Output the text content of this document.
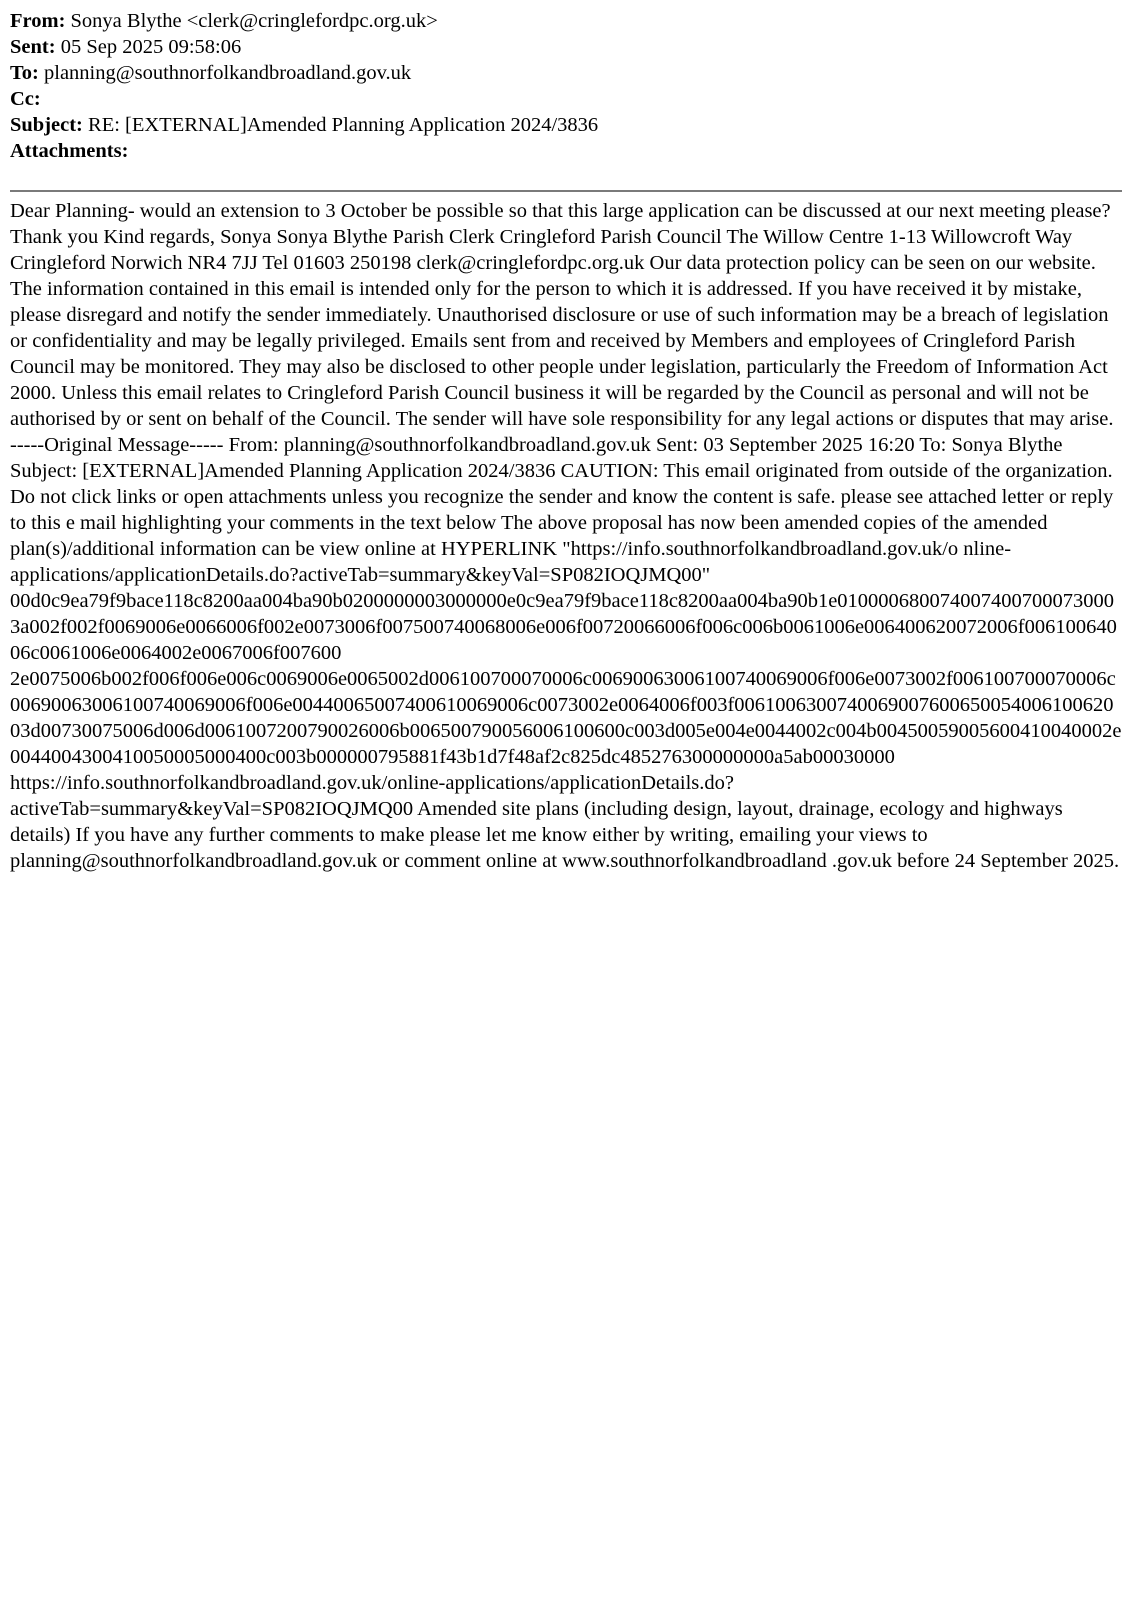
From: Sonya Blythe <clerk@cringlefordpc.org.uk>
Sent: 05 Sep 2025 09:58:06
To: planning@southnorfolkandbroadland.gov.uk
Cc:
Subject: RE: [EXTERNAL]Amended Planning Application 2024/3836
Attachments:
Dear Planning- would an extension to 3 October be possible so that this large application can be discussed at our next meeting please? Thank you Kind regards, Sonya Sonya Blythe Parish Clerk Cringleford Parish Council The Willow Centre 1-13 Willowcroft Way Cringleford Norwich NR4 7JJ Tel 01603 250198 clerk@cringlefordpc.org.uk Our data protection policy can be seen on our website. The information contained in this email is intended only for the person to which it is addressed. If you have received it by mistake, please disregard and notify the sender immediately. Unauthorised disclosure or use of such information may be a breach of legislation or confidentiality and may be legally privileged. Emails sent from and received by Members and employees of Cringleford Parish Council may be monitored. They may also be disclosed to other people under legislation, particularly the Freedom of Information Act 2000. Unless this email relates to Cringleford Parish Council business it will be regarded by the Council as personal and will not be authorised by or sent on behalf of the Council. The sender will have sole responsibility for any legal actions or disputes that may arise. -----Original Message----- From: planning@southnorfolkandbroadland.gov.uk Sent: 03 September 2025 16:20 To: Sonya Blythe Subject: [EXTERNAL]Amended Planning Application 2024/3836 CAUTION: This email originated from outside of the organization. Do not click links or open attachments unless you recognize the sender and know the content is safe. please see attached letter or reply to this e mail highlighting your comments in the text below The above proposal has now been amended copies of the amended plan(s)/additional information can be view online at HYPERLINK "https://info.southnorfolkandbroadland.gov.uk/o nline-applications/applicationDetails.do?activeTab=summary&keyVal=SP082IOQJMQ00"
00d0c9ea79f9bace118c8200aa004ba90b0200000003000000e0c9ea79f9bace118c8200aa004ba90b1e0100006800740074007000730003a002f002f0069006e0066006f002e0073006f007500740068006e006f00720066006f006c006b0061006e006400620072006f00610064006c0061006e0064002e0067006f007600
2e0075006b002f006f006e006c0069006e0065002d006100700070006c00690063006100740069006f006e0073002f006100700070006c00690063006100740069006f006e00440065007400610069006c0073002e0064006f003f006100630074006900760065005400610062003d00730075006d006d0061007200790026006b006500790056006100600c003d005e004e0044002c004b00450059005600410040002e0044004300410050005000400c003b000000795881f43b1d7f48af2c825dc485276300000000a5ab00030000
https://info.southnorfolkandbroadland.gov.uk/online-applications/applicationDetails.do?activeTab=summary&keyVal=SP082IOQJMQ00 Amended site plans (including design, layout, drainage, ecology and highways details) If you have any further comments to make please let me know either by writing, emailing your views to planning@southnorfolkandbroadland.gov.uk or comment online at www.southnorfolkandbroadland .gov.uk before 24 September 2025.
